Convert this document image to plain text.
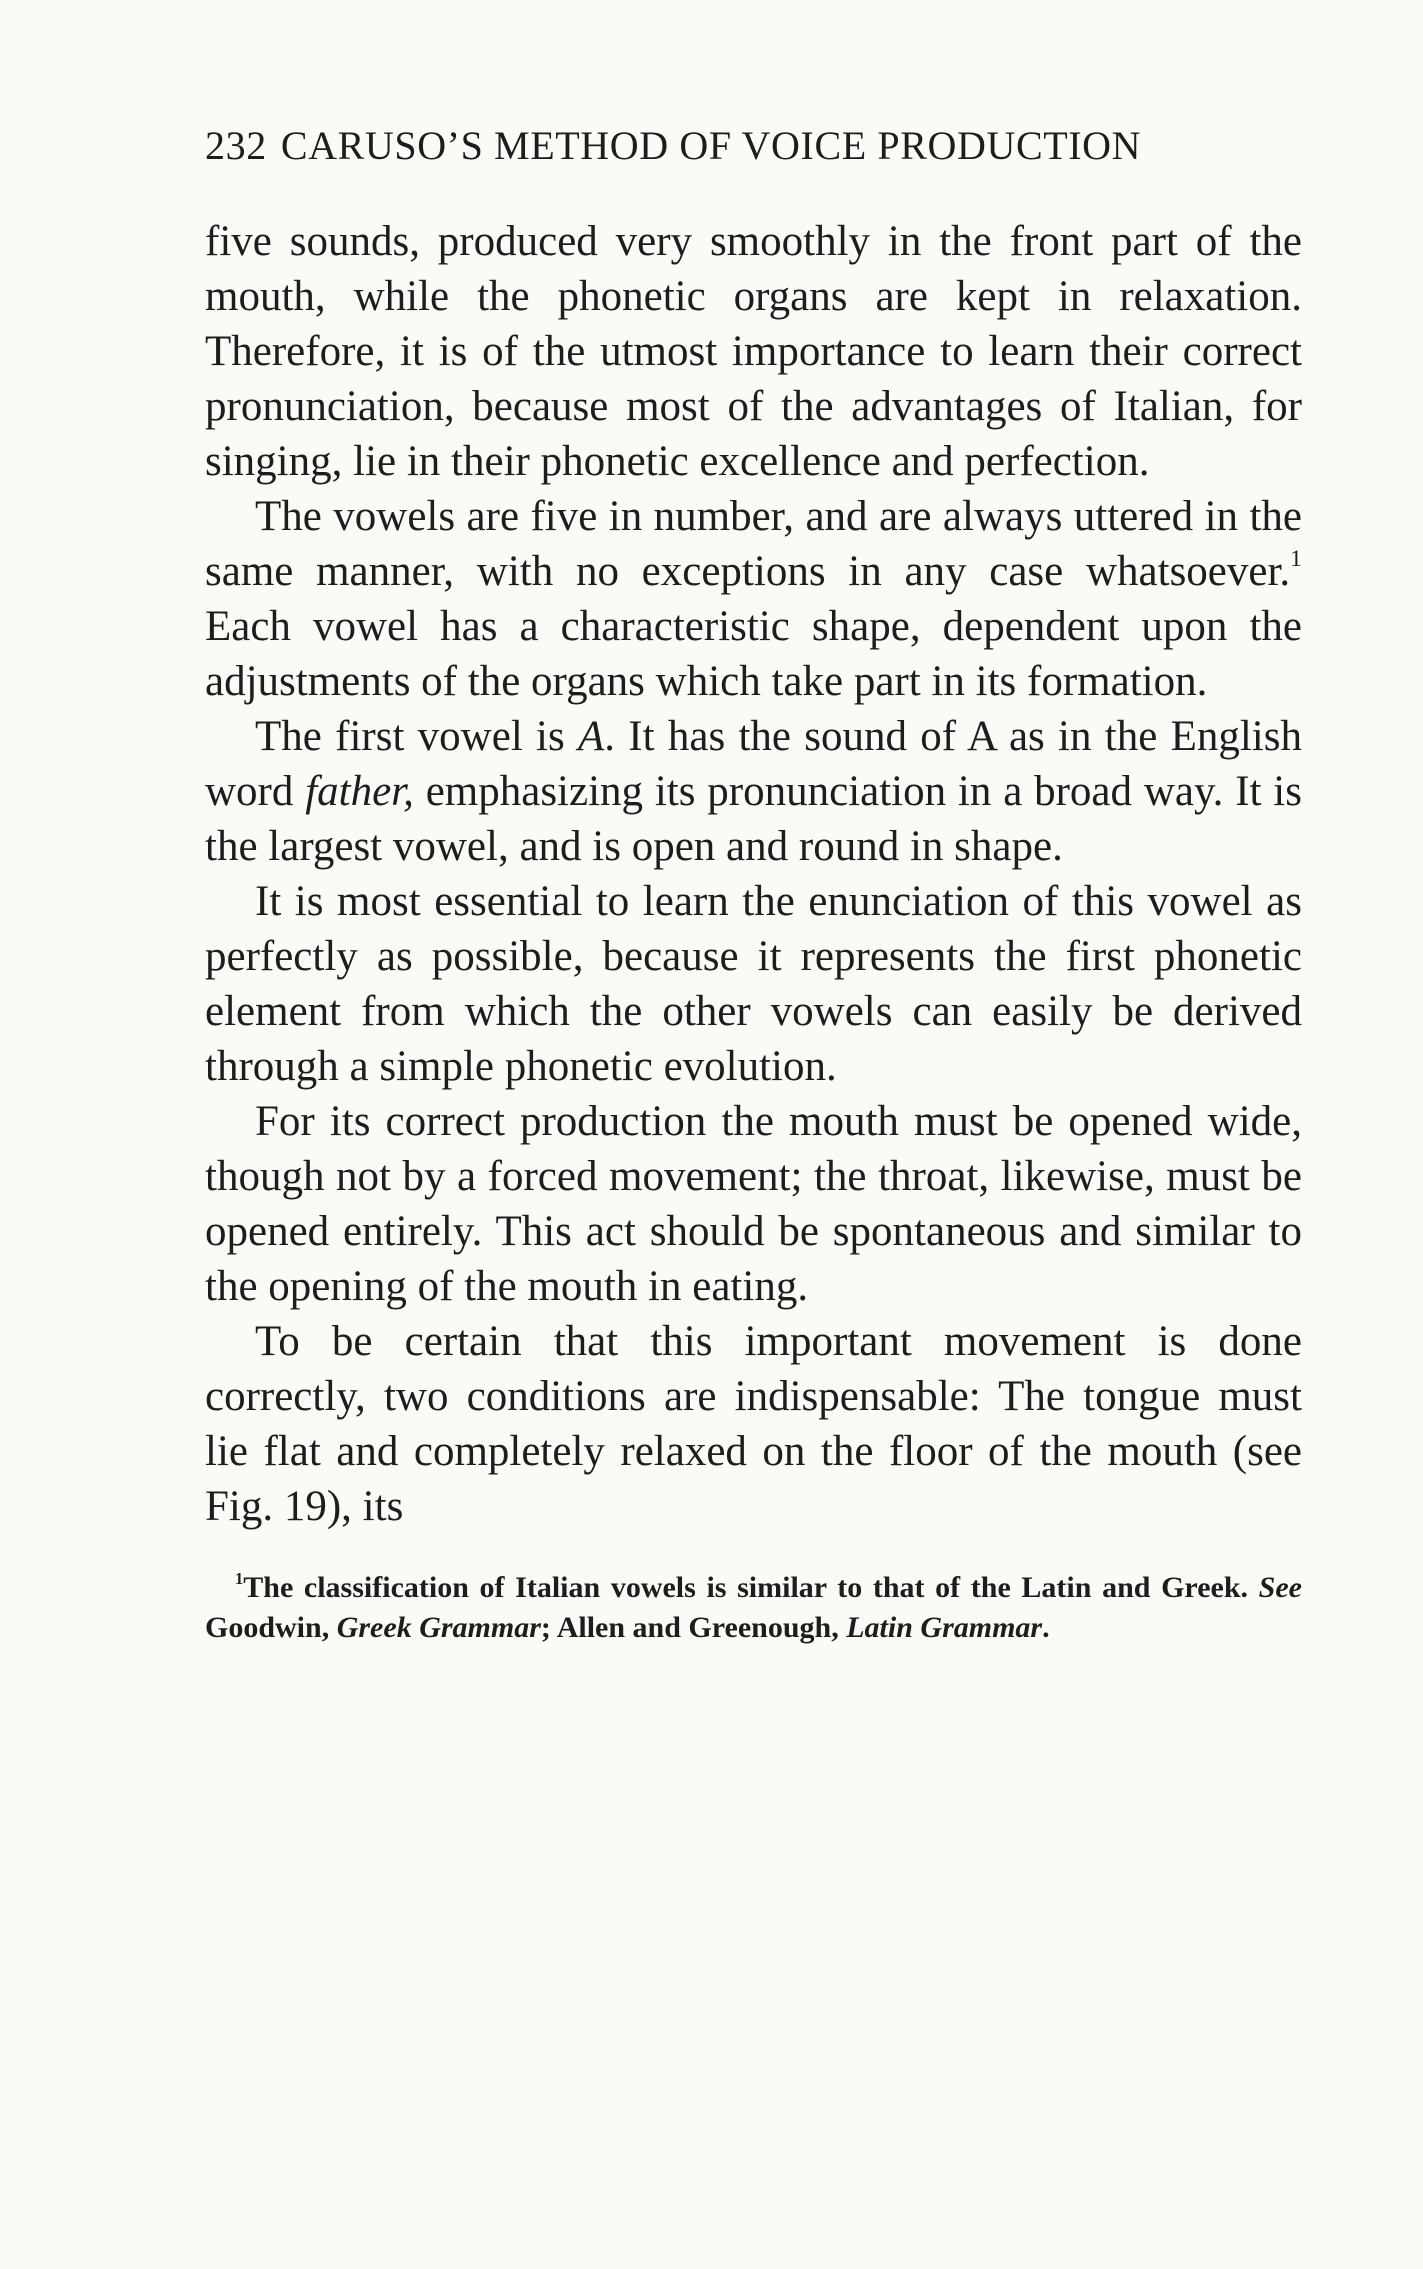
232 CARUSO’S METHOD OF VOICE PRODUCTION

five sounds, produced very smoothly in the front part of the mouth, while the phonetic organs are kept in relaxation. Therefore, it is of the utmost importance to learn their correct pronunciation, because most of the advantages of Italian, for singing, lie in their phonetic excellence and perfection.

The vowels are five in number, and are always uttered in the same manner, with no exceptions in any case whatsoever.$^1$ Each vowel has a characteristic shape, dependent upon the adjustments of the organs which take part in its formation.

The first vowel is A. It has the sound of A as in the English word father, emphasizing its pronunciation in a broad way. It is the largest vowel, and is open and round in shape.

It is most essential to learn the enunciation of this vowel as perfectly as possible, because it represents the first phonetic element from which the other vowels can easily be derived through a simple phonetic evolution.

For its correct production the mouth must be opened wide, though not by a forced movement; the throat, likewise, must be opened entirely. This act should be spontaneous and similar to the opening of the mouth in eating.

To be certain that this important movement is done correctly, two conditions are indispensable: The tongue must lie flat and completely relaxed on the floor of the mouth (see Fig. 19), its

$^1$The classification of Italian vowels is similar to that of the Latin and Greek. See Goodwin, Greek Grammar; Allen and Greenough, Latin Grammar.
